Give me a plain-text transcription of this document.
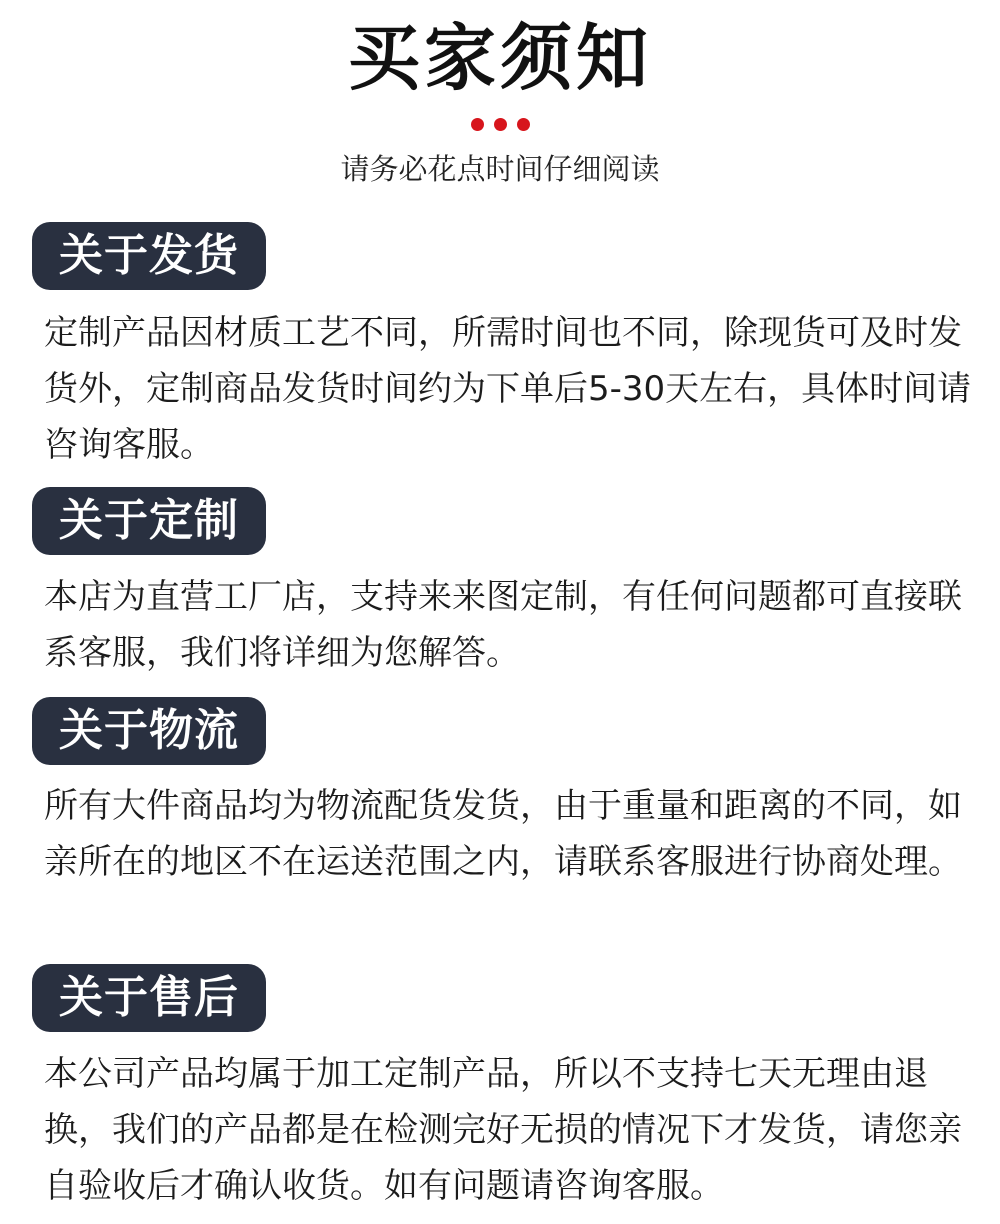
买家须知
请务必花点时间仔细阅读
关于发货

定制产品因材质工艺不同，所需时间也不同，除现货可及时发货外，定制商品发货时间约为下单后5-30天左右，具体时间请咨询客服。

关于定制

本店为直营工厂店，支持来来图定制，有任何问题都可直接联系客服，我们将详细为您解答。

关于物流

所有大件商品均为物流配货发货，由于重量和距离的不同，如亲所在的地区不在运送范围之内，请联系客服进行协商处理。

关于售后

本公司产品均属于加工定制产品，所以不支持七天无理由退换，我们的产品都是在检测完好无损的情况下才发货，请您亲自验收后才确认收货。如有问题请咨询客服。
